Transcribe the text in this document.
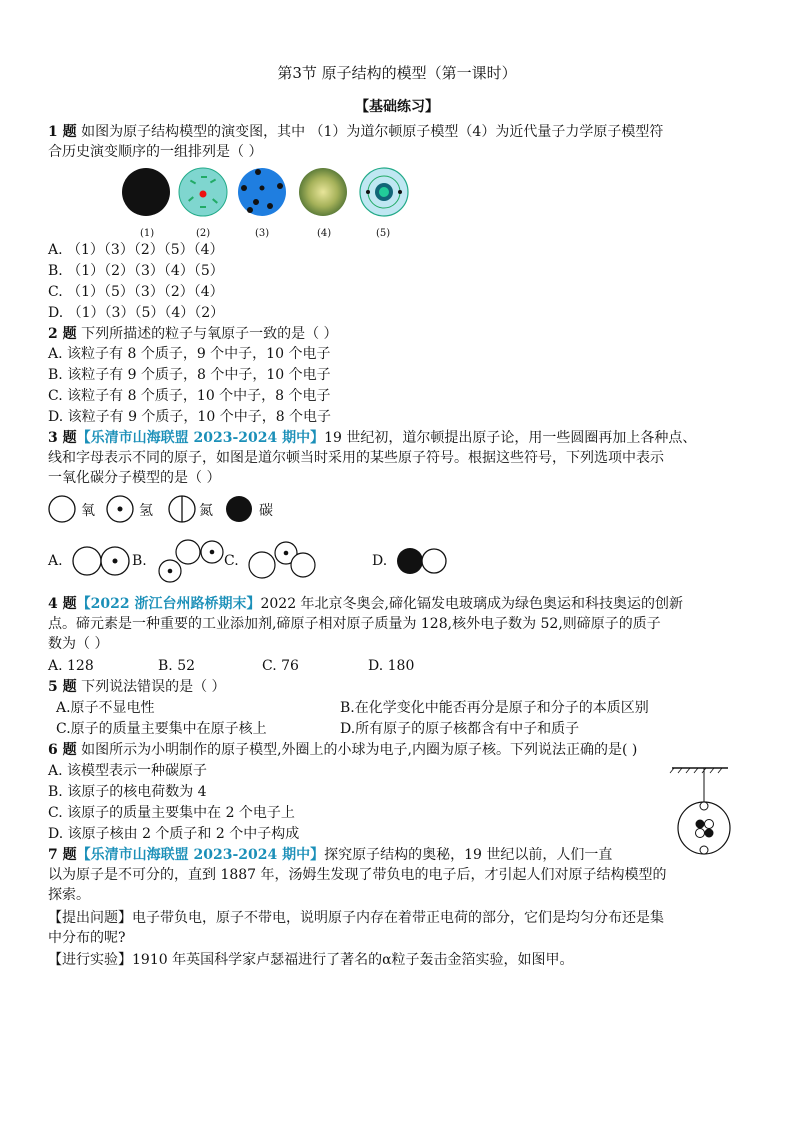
第3节 原子结构的模型（第一课时）
【基础练习】
1 题 如图为原子结构模型的演变图，其中 （1）为道尔顿原子模型（4）为近代量子力学原子模型符
合历史演变顺序的一组排列是（ ）
(1)	(2)	(3)	(4)	(5)
A. （1）（3）（2）（5）（4）
B. （1）（2）（3）（4）（5）
C. （1）（5）（3）（2）（4）
D. （1）（3）（5）（4）（2）
2 题 下列所描述的粒子与氧原子一致的是（ ）
A. 该粒子有 8 个质子，9 个中子，10 个电子
B. 该粒子有 9 个质子，8 个中子，10 个电子
C. 该粒子有 8 个质子，10 个中子，8 个电子
D. 该粒子有 9 个质子，10 个中子，8 个电子
3 题【乐清市山海联盟 2023-2024 期中】19 世纪初，道尔顿提出原子论，用一些圆圈再加上各种点、
线和字母表示不同的原子，如图是道尔顿当时采用的某些原子符号。根据这些符号，下列选项中表示
一氧化碳分子模型的是（ ）
氧	氢	氮	碳
A.	B.	C.	D.
4 题【2022 浙江台州路桥期末】2022 年北京冬奥会,碲化镉发电玻璃成为绿色奥运和科技奥运的创新
点。碲元素是一种重要的工业添加剂,碲原子相对原子质量为 128,核外电子数为 52,则碲原子的质子
数为（ ）
A. 128	B. 52	C. 76	D. 180
5 题 下列说法错误的是（ ）
A.原子不显电性	B.在化学变化中能否再分是原子和分子的本质区别
C.原子的质量主要集中在原子核上	D.所有原子的原子核都含有中子和质子
6 题 如图所示为小明制作的原子模型,外圈上的小球为电子,内圈为原子核。下列说法正确的是( )
A. 该模型表示一种碳原子
B. 该原子的核电荷数为 4
C. 该原子的质量主要集中在 2 个电子上
D. 该原子核由 2 个质子和 2 个中子构成
7 题【乐清市山海联盟 2023-2024 期中】探究原子结构的奥秘，19 世纪以前，人们一直
以为原子是不可分的，直到 1887 年，汤姆生发现了带负电的电子后，才引起人们对原子结构模型的
探索。
【提出问题】电子带负电，原子不带电，说明原子内存在着带正电荷的部分，它们是均匀分布还是集
中分布的呢?
【进行实验】1910 年英国科学家卢瑟福进行了著名的α粒子轰击金箔实验，如图甲。
